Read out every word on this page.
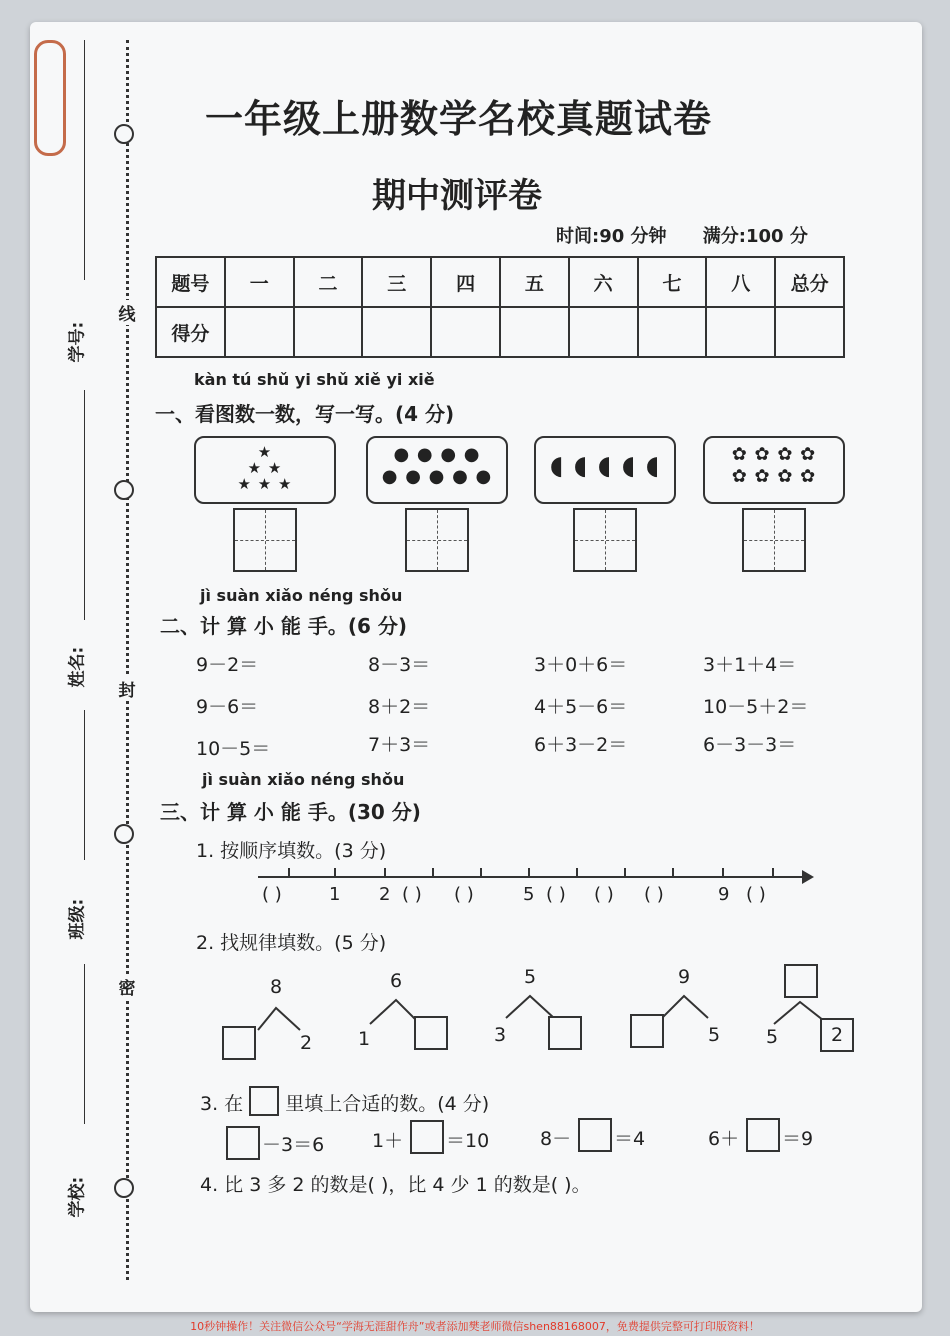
线
封
密
学号:
姓名:
班级:
学校:
一年级上册数学名校真题试卷
期中测评卷
时间:90 分钟 满分:100 分
题号	一	二	三	四	五	六	七	八	总分
得分									
kàn tú shǔ yi shǔ xiě yi xiě
一、看图数一数，写一写。(4 分)
★
★ ★
★ ★ ★
● ● ● ●
● ● ● ● ●	◖ ◖ ◖ ◖ ◖	✿ ✿ ✿ ✿
✿ ✿ ✿ ✿
jì suàn xiǎo néng shǒu
二、计 算 小 能 手。(6 分)
9－2＝	8－3＝	3＋0＋6＝	3＋1＋4＝
9－6＝	8＋2＝	4＋5－6＝	10－5＋2＝
10－5＝	7＋3＝	6＋3－2＝	6－3－3＝
jì suàn xiǎo néng shǒu
三、计 算 小 能 手。(30 分)
1. 按顺序填数。(3 分)
( )	1 2 ( ) ( )	5 ( ) ( ) ( )	9 ( )
2. 找规律填数。(5 分)
8
2
6
1
5
3
9
5 5	2
3. 在 里填上合适的数。(4 分)
－3＝6	1＋ ＝10	8－ ＝4	6＋ ＝9
4. 比 3 多 2 的数是( )，比 4 少 1 的数是( )。
10秒钟操作！关注微信公众号“学海无涯甜作舟”或者添加樊老师微信shen88168007，免费提供完整可打印版资料！
